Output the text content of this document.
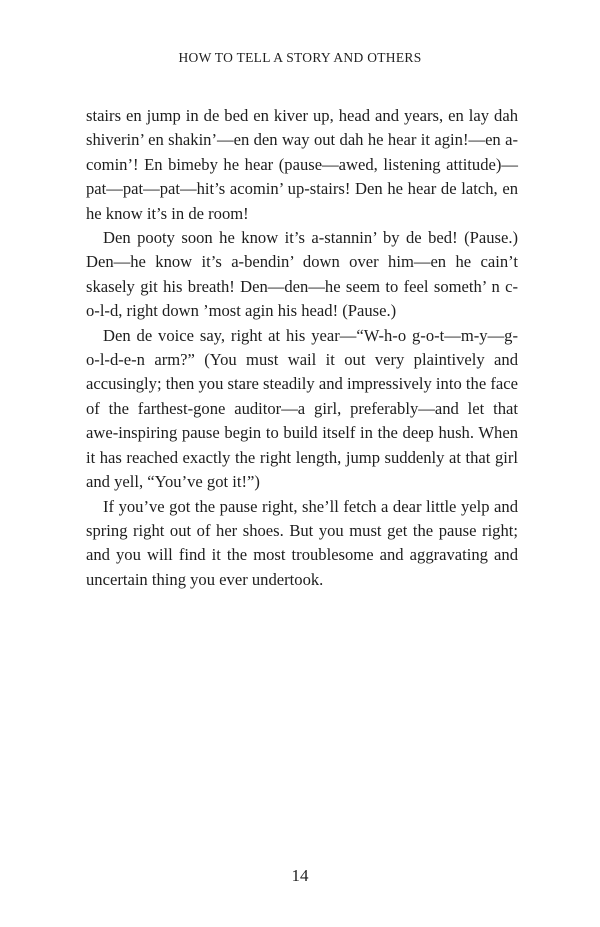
HOW TO TELL A STORY AND OTHERS

stairs en jump in de bed en kiver up, head and years, en lay dah shiverin’ en shakin’—en den way out dah he hear it agin!—en a-comin’! En bimeby he hear (pause—awed, listening attitude)—pat—pat—pat—hit’s acomin’ up-stairs! Den he hear de latch, en he know it’s in de room!

Den pooty soon he know it’s a-stannin’ by de bed! (Pause.) Den—he know it’s a-bendin’ down over him—en he cain’t skasely git his breath! Den—den—he seem to feel someth’ n c-o-l-d, right down ’most agin his head! (Pause.)

Den de voice say, right at his year—“W-h-o g-o-t—m-y—g-o-l-d-e-n arm?” (You must wail it out very plaintively and accusingly; then you stare steadily and impressively into the face of the farthest-gone auditor—a girl, preferably—and let that awe-inspiring pause begin to build itself in the deep hush. When it has reached exactly the right length, jump suddenly at that girl and yell, “You’ve got it!”)

If you’ve got the pause right, she’ll fetch a dear little yelp and spring right out of her shoes. But you must get the pause right; and you will find it the most troublesome and aggravating and uncertain thing you ever undertook.

14
